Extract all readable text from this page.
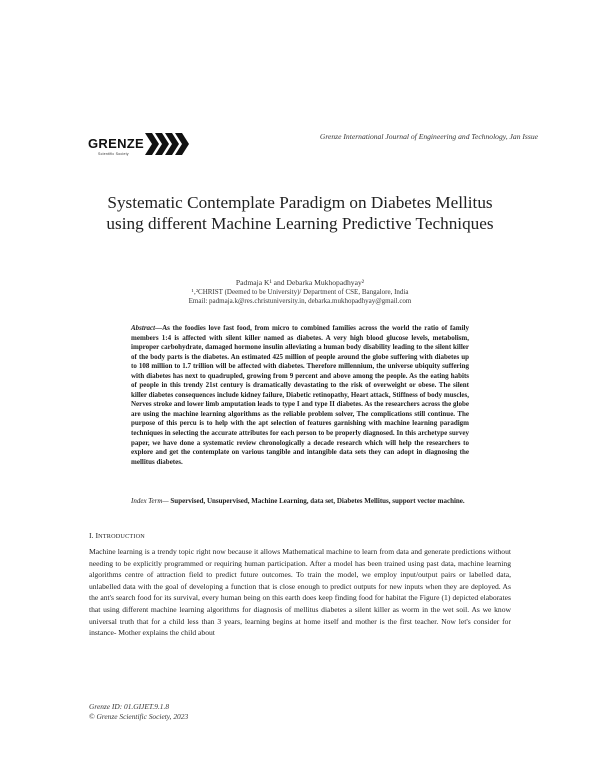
Grenze International Journal of Engineering and Technology, Jan Issue
GRENZE
Scientific Society
Systematic Contemplate Paradigm on Diabetes Mellitus using different Machine Learning Predictive Techniques
Padmaja K¹ and Debarka Mukhopadhyay²
¹‚²CHRIST (Deemed to be University)/ Department of CSE, Bangalore, India
Email: padmaja.k@res.christuniversity.in, debarka.mukhopadhyay@gmail.com
Abstract—As the foodies love fast food, from micro to combined families across the world the ratio of family members 1:4 is affected with silent killer named as diabetes. A very high blood glucose levels, metabolism, improper carbohydrate, damaged hormone insulin alleviating a human body disability leading to the silent killer of the body parts is the diabetes. An estimated 425 million of people around the globe suffering with diabetes up to 108 million to 1.7 trillion will be affected with diabetes. Therefore millennium, the universe ubiquity suffering with diabetes has next to quadrupled, growing from 9 percent and above among the people. As the eating habits of people in this trendy 21st century is dramatically devastating to the risk of overweight or obese. The silent killer diabetes consequences include kidney failure, Diabetic retinopathy, Heart attack, Stiffness of body muscles, Nerves stroke and lower limb amputation leads to type I and type II diabetes. As the researchers across the globe are using the machine learning algorithms as the reliable problem solver, The complications still continue. The purpose of this percu is to help with the apt selection of features garnishing with machine learning paradigm techniques in selecting the accurate attributes for each person to be properly diagnosed. In this archetype survey paper, we have done a systematic review chronologically a decade research which will help the researchers to explore and get the contemplate on various tangible and intangible data sets they can adopt in diagnosing the mellitus diabetes.
Index Term— Supervised, Unsupervised, Machine Learning, data set, Diabetes Mellitus, support vector machine.
I. INTRODUCTION
Machine learning is a trendy topic right now because it allows Mathematical machine to learn from data and generate predictions without needing to be explicitly programmed or requiring human participation. After a model has been trained using past data, machine learning algorithms centre of attraction field to predict future outcomes. To train the model, we employ input/output pairs or labelled data, unlabelled data with the goal of developing a function that is close enough to predict outputs for new inputs when they are deployed. As the ant's search food for its survival, every human being on this earth does keep finding food for habitat the Figure (1) depicted elaborates that using different machine learning algorithms for diagnosis of mellitus diabetes a silent killer as worm in the wet soil. As we know universal truth that for a child less than 3 years, learning begins at home itself and mother is the first teacher. Now let's consider for instance- Mother explains the child about
Grenze ID: 01.GIJET.9.1.8
© Grenze Scientific Society, 2023
